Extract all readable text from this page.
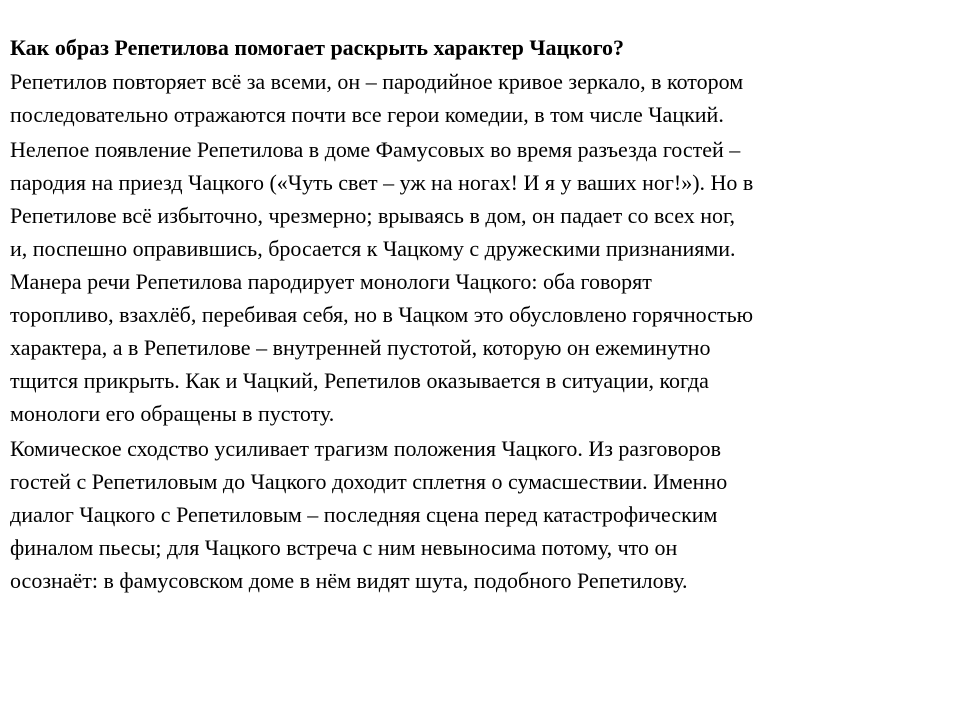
Как образ Репетилова помогает раскрыть характер Чацкого?

Репетилов повторяет всё за всеми, он – пародийное кривое зеркало, в котором
последовательно отражаются почти все герои комедии, в том числе Чацкий.

Нелепое появление Репетилова в доме Фамусовых во время разъезда гостей –
пародия на приезд Чацкого («Чуть свет – уж на ногах! И я у ваших ног!»). Но в
Репетилове всё избыточно, чрезмерно; врываясь в дом, он падает со всех ног,
и, поспешно оправившись, бросается к Чацкому с дружескими признаниями.
Манера речи Репетилова пародирует монологи Чацкого: оба говорят
торопливо, взахлёб, перебивая себя, но в Чацком это обусловлено горячностью
характера, а в Репетилове – внутренней пустотой, которую он ежеминутно
тщится прикрыть. Как и Чацкий, Репетилов оказывается в ситуации, когда
монологи его обращены в пустоту.

Комическое сходство усиливает трагизм положения Чацкого. Из разговоров
гостей с Репетиловым до Чацкого доходит сплетня о сумасшествии. Именно
диалог Чацкого с Репетиловым – последняя сцена перед катастрофическим
финалом пьесы; для Чацкого встреча с ним невыносима потому, что он
осознаёт: в фамусовском доме в нём видят шута, подобного Репетилову.
